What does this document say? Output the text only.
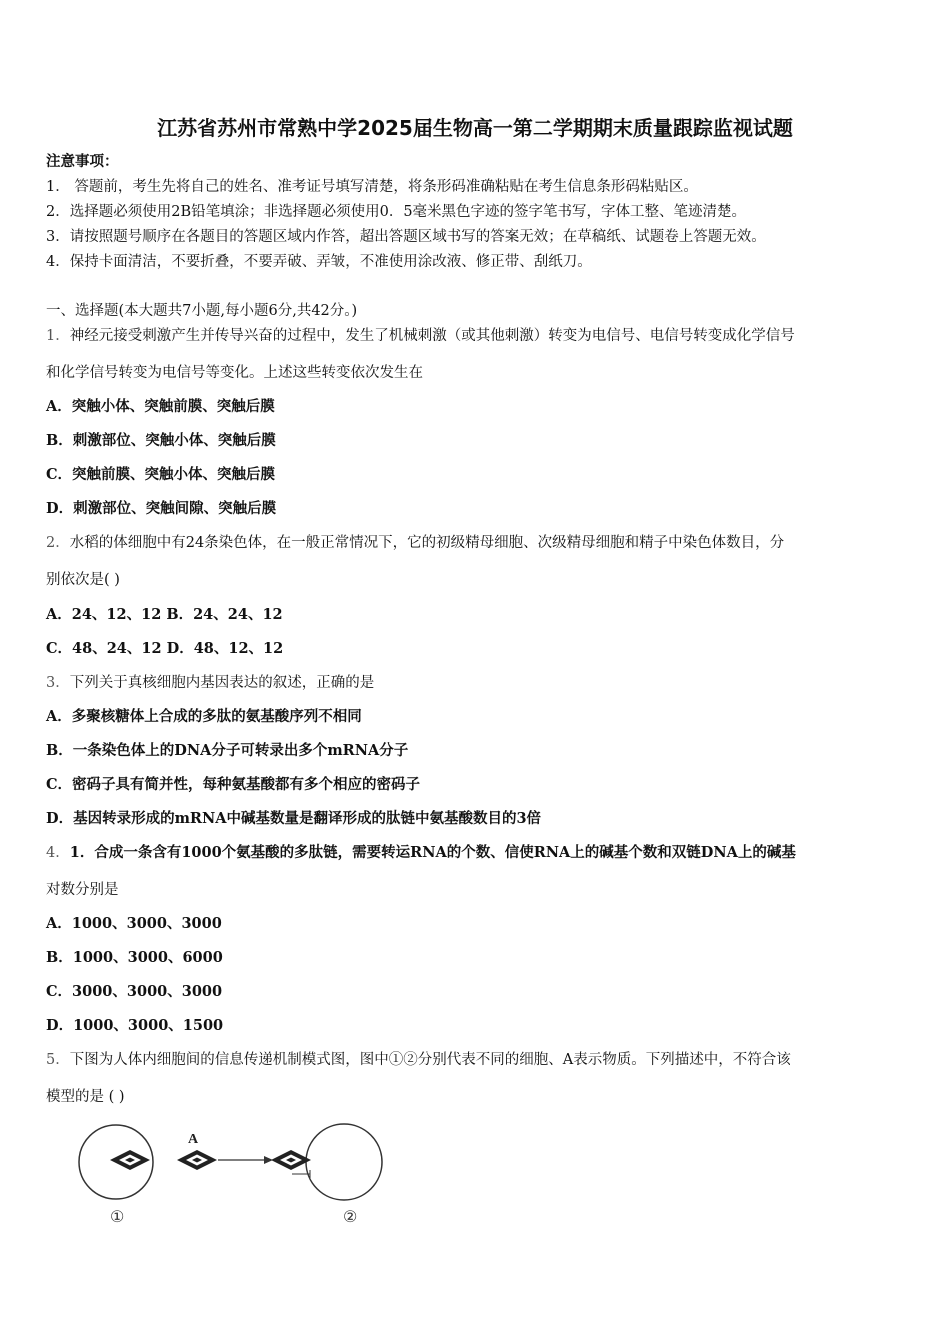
江苏省苏州市常熟中学2025届生物高一第二学期期末质量跟踪监视试题
注意事项：
1． 答题前，考生先将自己的姓名、准考证号填写清楚，将条形码准确粘贴在考生信息条形码粘贴区。
2．选择题必须使用2B铅笔填涂；非选择题必须使用0．5毫米黑色字迹的签字笔书写，字体工整、笔迹清楚。
3．请按照题号顺序在各题目的答题区域内作答，超出答题区域书写的答案无效；在草稿纸、试题卷上答题无效。
4．保持卡面清洁，不要折叠，不要弄破、弄皱，不准使用涂改液、修正带、刮纸刀。
一、选择题(本大题共7小题,每小题6分,共42分。)
1．神经元接受刺激产生并传导兴奋的过程中，发生了机械刺激（或其他刺激）转变为电信号、电信号转变成化学信号
和化学信号转变为电信号等变化。上述这些转变依次发生在
A．突触小体、突触前膜、突触后膜
B．刺激部位、突触小体、突触后膜
C．突触前膜、突触小体、突触后膜
D．刺激部位、突触间隙、突触后膜
2．水稻的体细胞中有24条染色体，在一般正常情况下，它的初级精母细胞、次级精母细胞和精子中染色体数目，分
别依次是( )
A．24、12、12 B．24、24、12
C．48、24、12 D．48、12、12
3．下列关于真核细胞内基因表达的叙述，正确的是
A．多聚核糖体上合成的多肽的氨基酸序列不相同
B．一条染色体上的DNA分子可转录出多个mRNA分子
C．密码子具有简并性，每种氨基酸都有多个相应的密码子
D．基因转录形成的mRNA中碱基数量是翻译形成的肽链中氨基酸数目的3倍
4．1．合成一条含有1000个氨基酸的多肽链，需要转运RNA的个数、信使RNA上的碱基个数和双链DNA上的碱基
对数分别是
A．1000、3000、3000
B．1000、3000、6000
C．3000、3000、3000
D．1000、3000、1500
5．下图为人体内细胞间的信息传递机制模式图，图中①②分别代表不同的细胞、A表示物质。下列描述中，不符合该
模型的是 ( )
A
①	②
